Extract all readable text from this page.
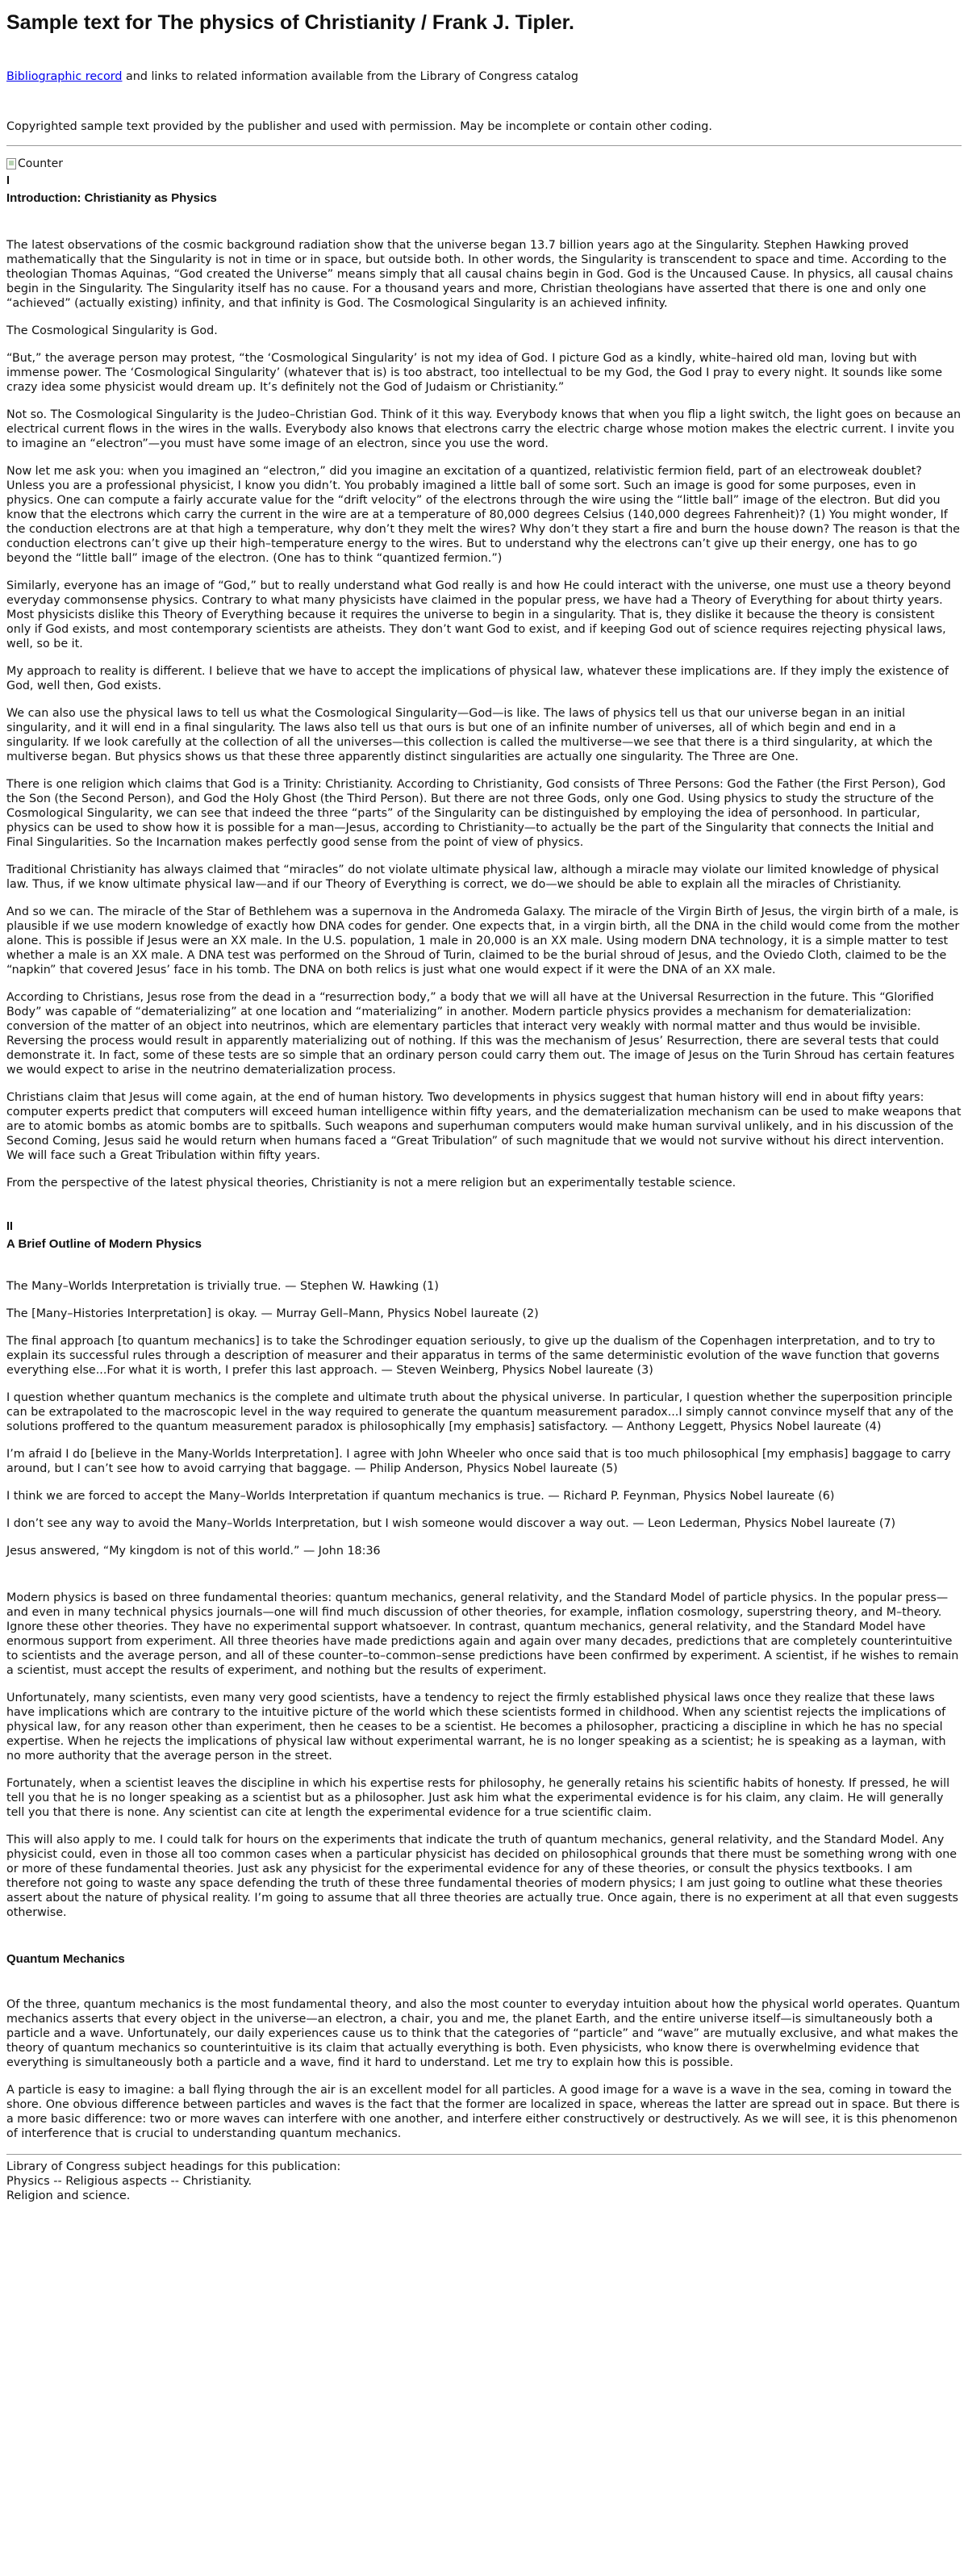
Sample text for The physics of Christianity / Frank J. Tipler.
Bibliographic record and links to related information available from the Library of Congress catalog
Copyrighted sample text provided by the publisher and used with permission. May be incomplete or contain other coding.
Counter
I
Introduction: Christianity as Physics

The latest observations of the cosmic background radiation show that the universe began 13.7 billion years ago at the Singularity. Stephen Hawking proved mathematically that the Singularity is not in time or in space, but outside both. In other words, the Singularity is transcendent to space and time. According to the theologian Thomas Aquinas, “God created the Universe” means simply that all causal chains begin in God. God is the Uncaused Cause. In physics, all causal chains begin in the Singularity. The Singularity itself has no cause. For a thousand years and more, Christian theologians have asserted that there is one and only one “achieved” (actually existing) infinity, and that infinity is God. The Cosmological Singularity is an achieved infinity.

The Cosmological Singularity is God.

“But,” the average person may protest, “the ‘Cosmological Singularity’ is not my idea of God. I picture God as a kindly, white–haired old man, loving but with immense power. The ‘Cosmological Singularity’ (whatever that is) is too abstract, too intellectual to be my God, the God I pray to every night. It sounds like some crazy idea some physicist would dream up. It’s definitely not the God of Judaism or Christianity.”

Not so. The Cosmological Singularity is the Judeo–Christian God. Think of it this way. Everybody knows that when you flip a light switch, the light goes on because an electrical current flows in the wires in the walls. Everybody also knows that electrons carry the electric charge whose motion makes the electric current. I invite you to imagine an “electron”—you must have some image of an electron, since you use the word.

Now let me ask you: when you imagined an “electron,” did you imagine an excitation of a quantized, relativistic fermion field, part of an electroweak doublet? Unless you are a professional physicist, I know you didn’t. You probably imagined a little ball of some sort. Such an image is good for some purposes, even in physics. One can compute a fairly accurate value for the “drift velocity” of the electrons through the wire using the “little ball” image of the electron. But did you know that the electrons which carry the current in the wire are at a temperature of 80,000 degrees Celsius (140,000 degrees Fahrenheit)? (1) You might wonder, If the conduction electrons are at that high a temperature, why don’t they melt the wires? Why don’t they start a fire and burn the house down? The reason is that the conduction electrons can’t give up their high–temperature energy to the wires. But to understand why the electrons can’t give up their energy, one has to go beyond the “little ball” image of the electron. (One has to think “quantized fermion.”)

Similarly, everyone has an image of “God,” but to really understand what God really is and how He could interact with the universe, one must use a theory beyond everyday commonsense physics. Contrary to what many physicists have claimed in the popular press, we have had a Theory of Everything for about thirty years. Most physicists dislike this Theory of Everything because it requires the universe to begin in a singularity. That is, they dislike it because the theory is consistent only if God exists, and most contemporary scientists are atheists. They don’t want God to exist, and if keeping God out of science requires rejecting physical laws, well, so be it.

My approach to reality is different. I believe that we have to accept the implications of physical law, whatever these implications are. If they imply the existence of God, well then, God exists.

We can also use the physical laws to tell us what the Cosmological Singularity—God—is like. The laws of physics tell us that our universe began in an initial singularity, and it will end in a final singularity. The laws also tell us that ours is but one of an infinite number of universes, all of which begin and end in a singularity. If we look carefully at the collection of all the universes—this collection is called the multiverse—we see that there is a third singularity, at which the multiverse began. But physics shows us that these three apparently distinct singularities are actually one singularity. The Three are One.

There is one religion which claims that God is a Trinity: Christianity. According to Christianity, God consists of Three Persons: God the Father (the First Person), God the Son (the Second Person), and God the Holy Ghost (the Third Person). But there are not three Gods, only one God. Using physics to study the structure of the Cosmological Singularity, we can see that indeed the three “parts” of the Singularity can be distinguished by employing the idea of personhood. In particular, physics can be used to show how it is possible for a man—Jesus, according to Christianity—to actually be the part of the Singularity that connects the Initial and Final Singularities. So the Incarnation makes perfectly good sense from the point of view of physics.

Traditional Christianity has always claimed that “miracles” do not violate ultimate physical law, although a miracle may violate our limited knowledge of physical law. Thus, if we know ultimate physical law—and if our Theory of Everything is correct, we do—we should be able to explain all the miracles of Christianity.

And so we can. The miracle of the Star of Bethlehem was a supernova in the Andromeda Galaxy. The miracle of the Virgin Birth of Jesus, the virgin birth of a male, is plausible if we use modern knowledge of exactly how DNA codes for gender. One expects that, in a virgin birth, all the DNA in the child would come from the mother alone. This is possible if Jesus were an XX male. In the U.S. population, 1 male in 20,000 is an XX male. Using modern DNA technology, it is a simple matter to test whether a male is an XX male. A DNA test was performed on the Shroud of Turin, claimed to be the burial shroud of Jesus, and the Oviedo Cloth, claimed to be the “napkin” that covered Jesus’ face in his tomb. The DNA on both relics is just what one would expect if it were the DNA of an XX male.

According to Christians, Jesus rose from the dead in a “resurrection body,” a body that we will all have at the Universal Resurrection in the future. This “Glorified Body” was capable of “dematerializing” at one location and “materializing” in another. Modern particle physics provides a mechanism for dematerialization: conversion of the matter of an object into neutrinos, which are elementary particles that interact very weakly with normal matter and thus would be invisible. Reversing the process would result in apparently materializing out of nothing. If this was the mechanism of Jesus’ Resurrection, there are several tests that could demonstrate it. In fact, some of these tests are so simple that an ordinary person could carry them out. The image of Jesus on the Turin Shroud has certain features we would expect to arise in the neutrino dematerialization process.

Christians claim that Jesus will come again, at the end of human history. Two developments in physics suggest that human history will end in about fifty years: computer experts predict that computers will exceed human intelligence within fifty years, and the dematerialization mechanism can be used to make weapons that are to atomic bombs as atomic bombs are to spitballs. Such weapons and superhuman computers would make human survival unlikely, and in his discussion of the Second Coming, Jesus said he would return when humans faced a “Great Tribulation” of such magnitude that we would not survive without his direct intervention. We will face such a Great Tribulation within fifty years.

From the perspective of the latest physical theories, Christianity is not a mere religion but an experimentally testable science.

II
A Brief Outline of Modern Physics

The Many–Worlds Interpretation is trivially true. — Stephen W. Hawking (1)

The [Many–Histories Interpretation] is okay. — Murray Gell–Mann, Physics Nobel laureate (2)

The final approach [to quantum mechanics] is to take the Schrodinger equation seriously, to give up the dualism of the Copenhagen interpretation, and to try to explain its successful rules through a description of measurer and their apparatus in terms of the same deterministic evolution of the wave function that governs everything else...For what it is worth, I prefer this last approach. — Steven Weinberg, Physics Nobel laureate (3)

I question whether quantum mechanics is the complete and ultimate truth about the physical universe. In particular, I question whether the superposition principle can be extrapolated to the macroscopic level in the way required to generate the quantum measurement paradox...I simply cannot convince myself that any of the solutions proffered to the quantum measurement paradox is philosophically [my emphasis] satisfactory. — Anthony Leggett, Physics Nobel laureate (4)

I’m afraid I do [believe in the Many-Worlds Interpretation]. I agree with John Wheeler who once said that is too much philosophical [my emphasis] baggage to carry around, but I can’t see how to avoid carrying that baggage. — Philip Anderson, Physics Nobel laureate (5)

I think we are forced to accept the Many–Worlds Interpretation if quantum mechanics is true. — Richard P. Feynman, Physics Nobel laureate (6)

I don’t see any way to avoid the Many–Worlds Interpretation, but I wish someone would discover a way out. — Leon Lederman, Physics Nobel laureate (7)

Jesus answered, “My kingdom is not of this world.” — John 18:36

Modern physics is based on three fundamental theories: quantum mechanics, general relativity, and the Standard Model of particle physics. In the popular press—and even in many technical physics journals—one will find much discussion of other theories, for example, inflation cosmology, superstring theory, and M–theory. Ignore these other theories. They have no experimental support whatsoever. In contrast, quantum mechanics, general relativity, and the Standard Model have enormous support from experiment. All three theories have made predictions again and again over many decades, predictions that are completely counterintuitive to scientists and the average person, and all of these counter–to–common–sense predictions have been confirmed by experiment. A scientist, if he wishes to remain a scientist, must accept the results of experiment, and nothing but the results of experiment.

Unfortunately, many scientists, even many very good scientists, have a tendency to reject the firmly established physical laws once they realize that these laws have implications which are contrary to the intuitive picture of the world which these scientists formed in childhood. When any scientist rejects the implications of physical law, for any reason other than experiment, then he ceases to be a scientist. He becomes a philosopher, practicing a discipline in which he has no special expertise. When he rejects the implications of physical law without experimental warrant, he is no longer speaking as a scientist; he is speaking as a layman, with no more authority that the average person in the street.

Fortunately, when a scientist leaves the discipline in which his expertise rests for philosophy, he generally retains his scientific habits of honesty. If pressed, he will tell you that he is no longer speaking as a scientist but as a philosopher. Just ask him what the experimental evidence is for his claim, any claim. He will generally tell you that there is none. Any scientist can cite at length the experimental evidence for a true scientific claim.

This will also apply to me. I could talk for hours on the experiments that indicate the truth of quantum mechanics, general relativity, and the Standard Model. Any physicist could, even in those all too common cases when a particular physicist has decided on philosophical grounds that there must be something wrong with one or more of these fundamental theories. Just ask any physicist for the experimental evidence for any of these theories, or consult the physics textbooks. I am therefore not going to waste any space defending the truth of these three fundamental theories of modern physics; I am just going to outline what these theories assert about the nature of physical reality. I’m going to assume that all three theories are actually true. Once again, there is no experiment at all that even suggests otherwise.

Quantum Mechanics

Of the three, quantum mechanics is the most fundamental theory, and also the most counter to everyday intuition about how the physical world operates. Quantum mechanics asserts that every object in the universe—an electron, a chair, you and me, the planet Earth, and the entire universe itself—is simultaneously both a particle and a wave. Unfortunately, our daily experiences cause us to think that the categories of “particle” and “wave” are mutually exclusive, and what makes the theory of quantum mechanics so counterintuitive is its claim that actually everything is both. Even physicists, who know there is overwhelming evidence that everything is simultaneously both a particle and a wave, find it hard to understand. Let me try to explain how this is possible.

A particle is easy to imagine: a ball flying through the air is an excellent model for all particles. A good image for a wave is a wave in the sea, coming in toward the shore. One obvious difference between particles and waves is the fact that the former are localized in space, whereas the latter are spread out in space. But there is a more basic difference: two or more waves can interfere with one another, and interfere either constructively or destructively. As we will see, it is this phenomenon of interference that is crucial to understanding quantum mechanics.

Library of Congress subject headings for this publication:
Physics -- Religious aspects -- Christianity.
Religion and science.
